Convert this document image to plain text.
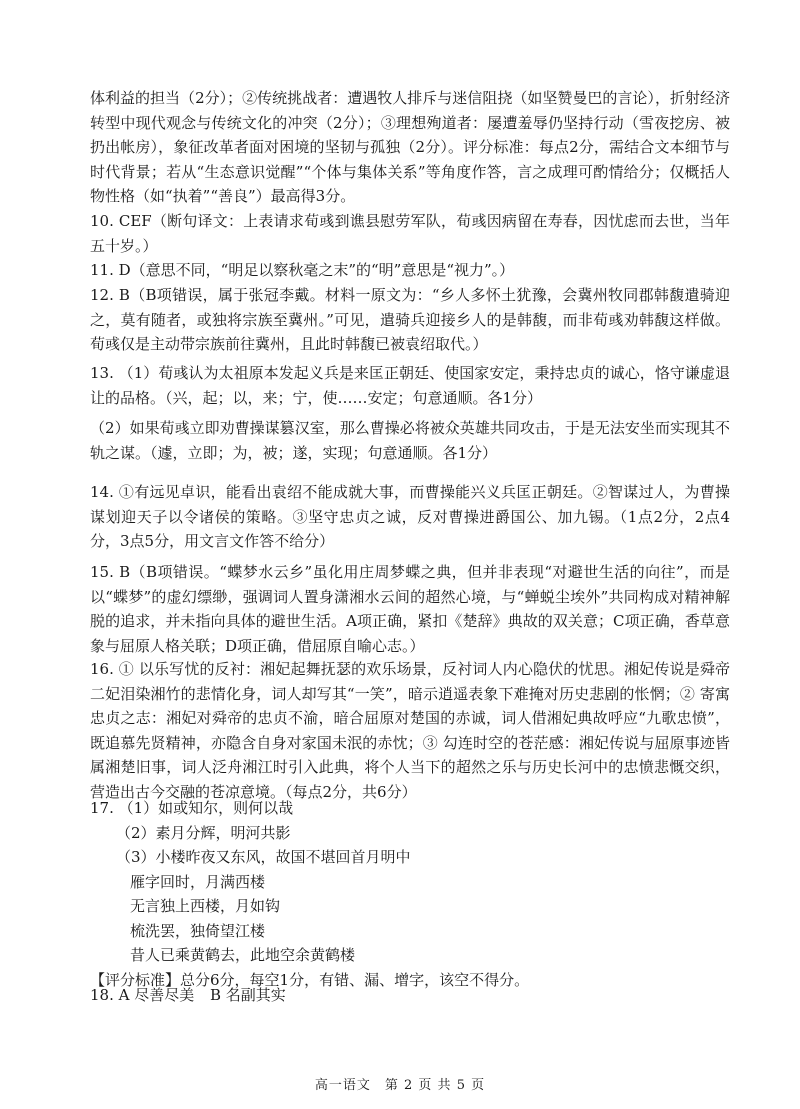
体利益的担当（2分）；②传统挑战者：遭遇牧人排斥与迷信阻挠（如坚赞曼巴的言论），折射经济转型中现代观念与传统文化的冲突（2分）；③理想殉道者：屡遭羞辱仍坚持行动（雪夜挖房、被扔出帐房），象征改革者面对困境的坚韧与孤独（2分）。评分标准：每点2分，需结合文本细节与时代背景；若从“生态意识觉醒”“个体与集体关系”等角度作答，言之成理可酌情给分；仅概括人物性格（如“执着”“善良”）最高得3分。

10. CEF（断句译文：上表请求荀彧到谯县慰劳军队，荀彧因病留在寿春，因忧虑而去世，当年五十岁。）

11. D（意思不同，“明足以察秋毫之末”的“明”意思是“视力”。）

12. B（B项错误，属于张冠李戴。材料一原文为：“乡人多怀土犹豫，会冀州牧同郡韩馥遣骑迎之，莫有随者，或独将宗族至冀州。”可见，遣骑兵迎接乡人的是韩馥，而非荀彧劝韩馥这样做。荀彧仅是主动带宗族前往冀州，且此时韩馥已被袁绍取代。）

13. （1）荀彧认为太祖原本发起义兵是来匡正朝廷、使国家安定，秉持忠贞的诚心，恪守谦虚退让的品格。（兴，起；以，来；宁，使……安定；句意通顺。各1分）

（2）如果荀彧立即劝曹操谋篡汉室，那么曹操必将被众英雄共同攻击，于是无法安坐而实现其不轨之谋。（遽，立即；为，被；遂，实现；句意通顺。各1分）

14. ①有远见卓识，能看出袁绍不能成就大事，而曹操能兴义兵匡正朝廷。②智谋过人，为曹操谋划迎天子以令诸侯的策略。③坚守忠贞之诚，反对曹操进爵国公、加九锡。（1点2分，2点4分，3点5分，用文言文作答不给分）

15. B（B项错误。“蝶梦水云乡”虽化用庄周梦蝶之典，但并非表现“对避世生活的向往”，而是以“蝶梦”的虚幻缥缈，强调词人置身潇湘水云间的超然心境，与“蝉蜕尘埃外”共同构成对精神解脱的追求，并未指向具体的避世生活。A项正确，紧扣《楚辞》典故的双关意；C项正确，香草意象与屈原人格关联；D项正确，借屈原自喻心志。）

16. ① 以乐写忧的反衬：湘妃起舞抚瑟的欢乐场景，反衬词人内心隐伏的忧思。湘妃传说是舜帝二妃泪染湘竹的悲情化身，词人却写其“一笑”，暗示逍遥表象下难掩对历史悲剧的怅惘；② 寄寓忠贞之志：湘妃对舜帝的忠贞不渝，暗合屈原对楚国的赤诚，词人借湘妃典故呼应“九歌忠愤”，既追慕先贤精神，亦隐含自身对家国未泯的赤忱；③ 勾连时空的苍茫感：湘妃传说与屈原事迹皆属湘楚旧事，词人泛舟湘江时引入此典，将个人当下的超然之乐与历史长河中的忠愤悲慨交织，营造出古今交融的苍凉意境。（每点2分，共6分）

17. （1）如或知尔，则何以哉

（2）素月分辉，明河共影

（3）小楼昨夜又东风，故国不堪回首月明中

雁字回时，月满西楼

无言独上西楼，月如钩

梳洗罢，独倚望江楼

昔人已乘黄鹤去，此地空余黄鹤楼

【评分标准】总分6分，每空1分，有错、漏、增字，该空不得分。

18. A 尽善尽美 B 名副其实

高一语文　第 2 页 共 5 页
